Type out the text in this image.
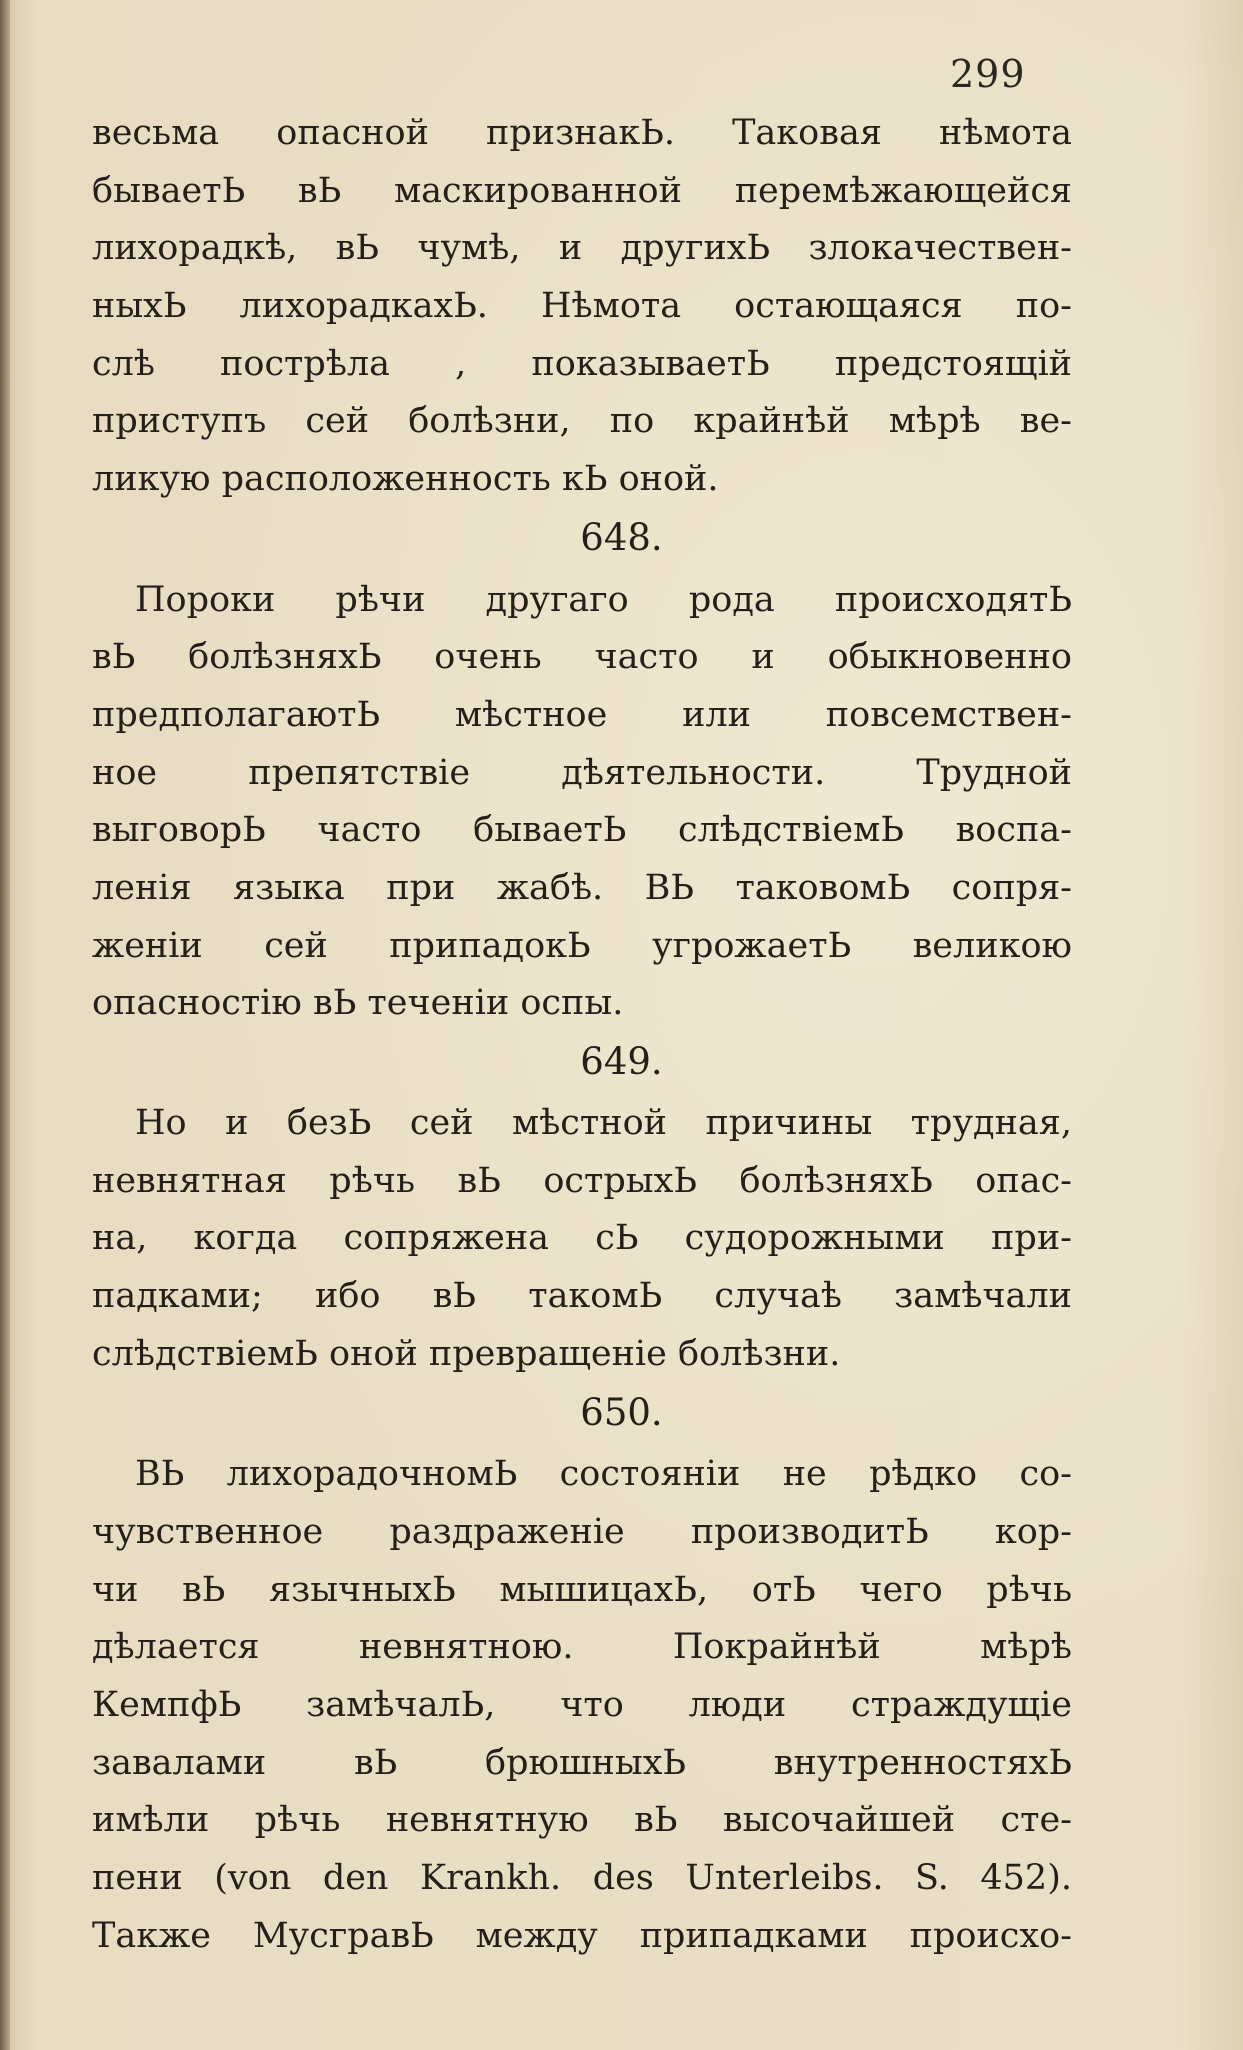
299
весьма опасной признакЬ. Таковая нѣмота
бываетЬ вЬ маскированной перемѣжающейся
лихорадкѣ, вЬ чумѣ, и другихЬ злокачествен-
ныхЬ лихорадкахЬ. Нѣмота остающаяся по-
слѣ пострѣла , показываетЬ предстоящій
приступъ сей болѣзни, по крайнѣй мѣрѣ ве-
ликую расположенность кЬ оной.
648.
Пороки рѣчи другаго рода происходятЬ
вЬ болѣзняхЬ очень часто и обыкновенно
предполагаютЬ мѣстное или повсемствен-
ное препятствіе дѣятельности. Трудной
выговорЬ часто бываетЬ слѣдствіемЬ воспа-
ленія языка при жабѣ. ВЬ таковомЬ сопря-
женіи сей припадокЬ угрожаетЬ великою
опасностію вЬ теченіи оспы.
649.
Но и безЬ сей мѣстной причины трудная,
невнятная рѣчь вЬ острыхЬ болѣзняхЬ опас-
на, когда сопряжена сЬ судорожными при-
падками; ибо вЬ такомЬ случаѣ замѣчали
слѣдствіемЬ оной превращеніе болѣзни.
650.
ВЬ лихорадочномЬ состояніи не рѣдко со-
чувственное раздраженіе производитЬ кор-
чи вЬ язычныхЬ мышицахЬ, отЬ чего рѣчь
дѣлается невнятною. Покрайнѣй мѣрѣ
КемпфЬ замѣчалЬ, что люди страждущіе
завалами вЬ брюшныхЬ внутренностяхЬ
имѣли рѣчь невнятную вЬ высочайшей сте-
пени (von den Krankh. des Unterleibs. S. 452).
Также МусгравЬ между припадками происхо-
